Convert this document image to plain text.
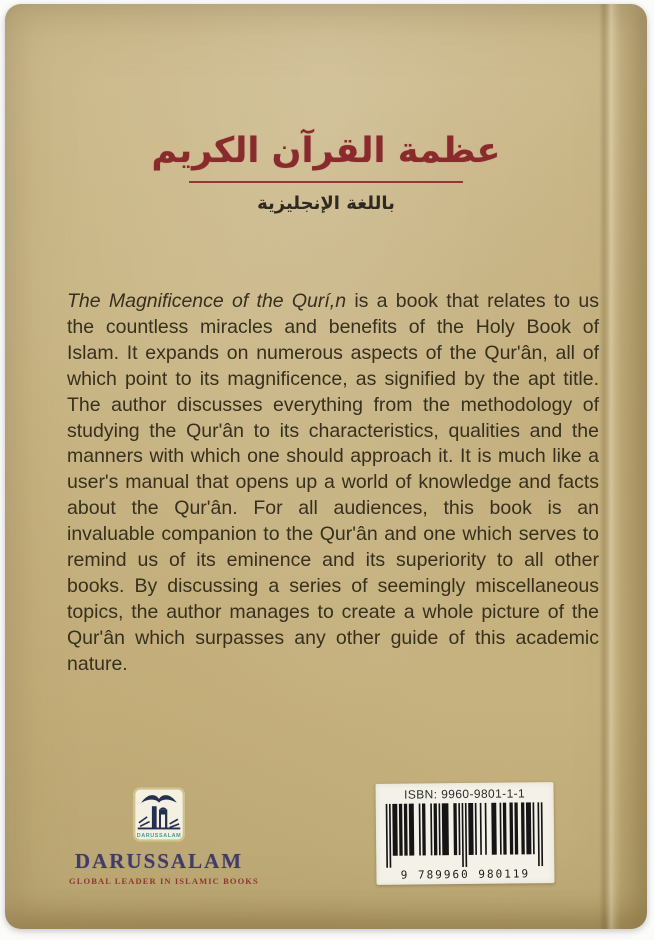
عظمة القرآن الكريم
باللغة الإنجليزية

The Magnificence of the Qurí,n is a book that relates to us the countless miracles and benefits of the Holy Book of Islam. It expands on numerous aspects of the Qur'ân, all of which point to its magnificence, as signified by the apt title. The author discusses everything from the methodology of studying the Qur'ân to its characteristics, qualities and the manners with which one should approach it. It is much like a user's manual that opens up a world of knowledge and facts about the Qur'ân. For all audiences, this book is an invaluable companion to the Qur'ân and one which serves to remind us of its eminence and its superiority to all other books. By discussing a series of seemingly miscellaneous topics, the author manages to create a whole picture of the Qur'ân which surpasses any other guide of this academic nature.

DARUSSALAM
DARUSSALAM
GLOBAL LEADER IN ISLAMIC BOOKS
ISBN: 9960-9801-1-1
9 789960 980119
